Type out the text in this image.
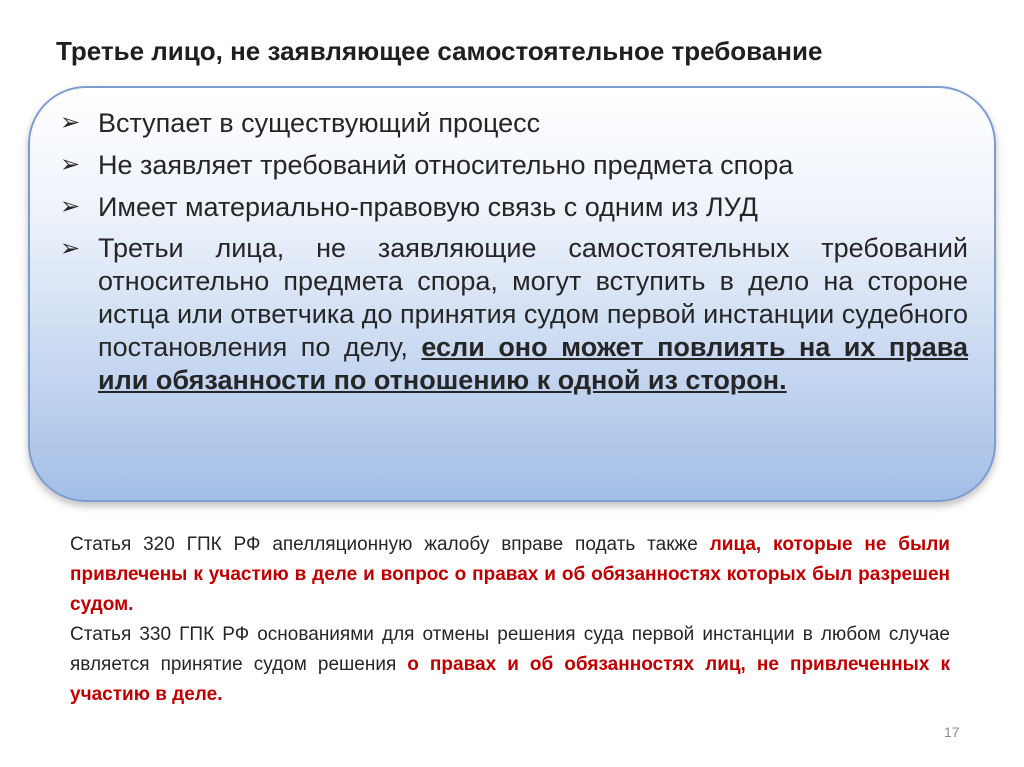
Третье лицо, не заявляющее самостоятельное требование
➢ Вступает в существующий процесс
➢ Не заявляет требований относительно предмета спора
➢ Имеет материально-правовую связь с одним из ЛУД
➢ Третьи лица, не заявляющие самостоятельных требований относительно предмета спора, могут вступить в дело на стороне истца или ответчика до принятия судом первой инстанции судебного постановления по делу, если оно может повлиять на их права или обязанности по отношению к одной из сторон.

Статья 320 ГПК РФ апелляционную жалобу вправе подать также лица, которые не были привлечены к участию в деле и вопрос о правах и об обязанностях которых был разрешен судом.

Статья 330 ГПК РФ основаниями для отмены решения суда первой инстанции в любом случае является принятие судом решения о правах и об обязанностях лиц, не привлеченных к участию в деле.

17
